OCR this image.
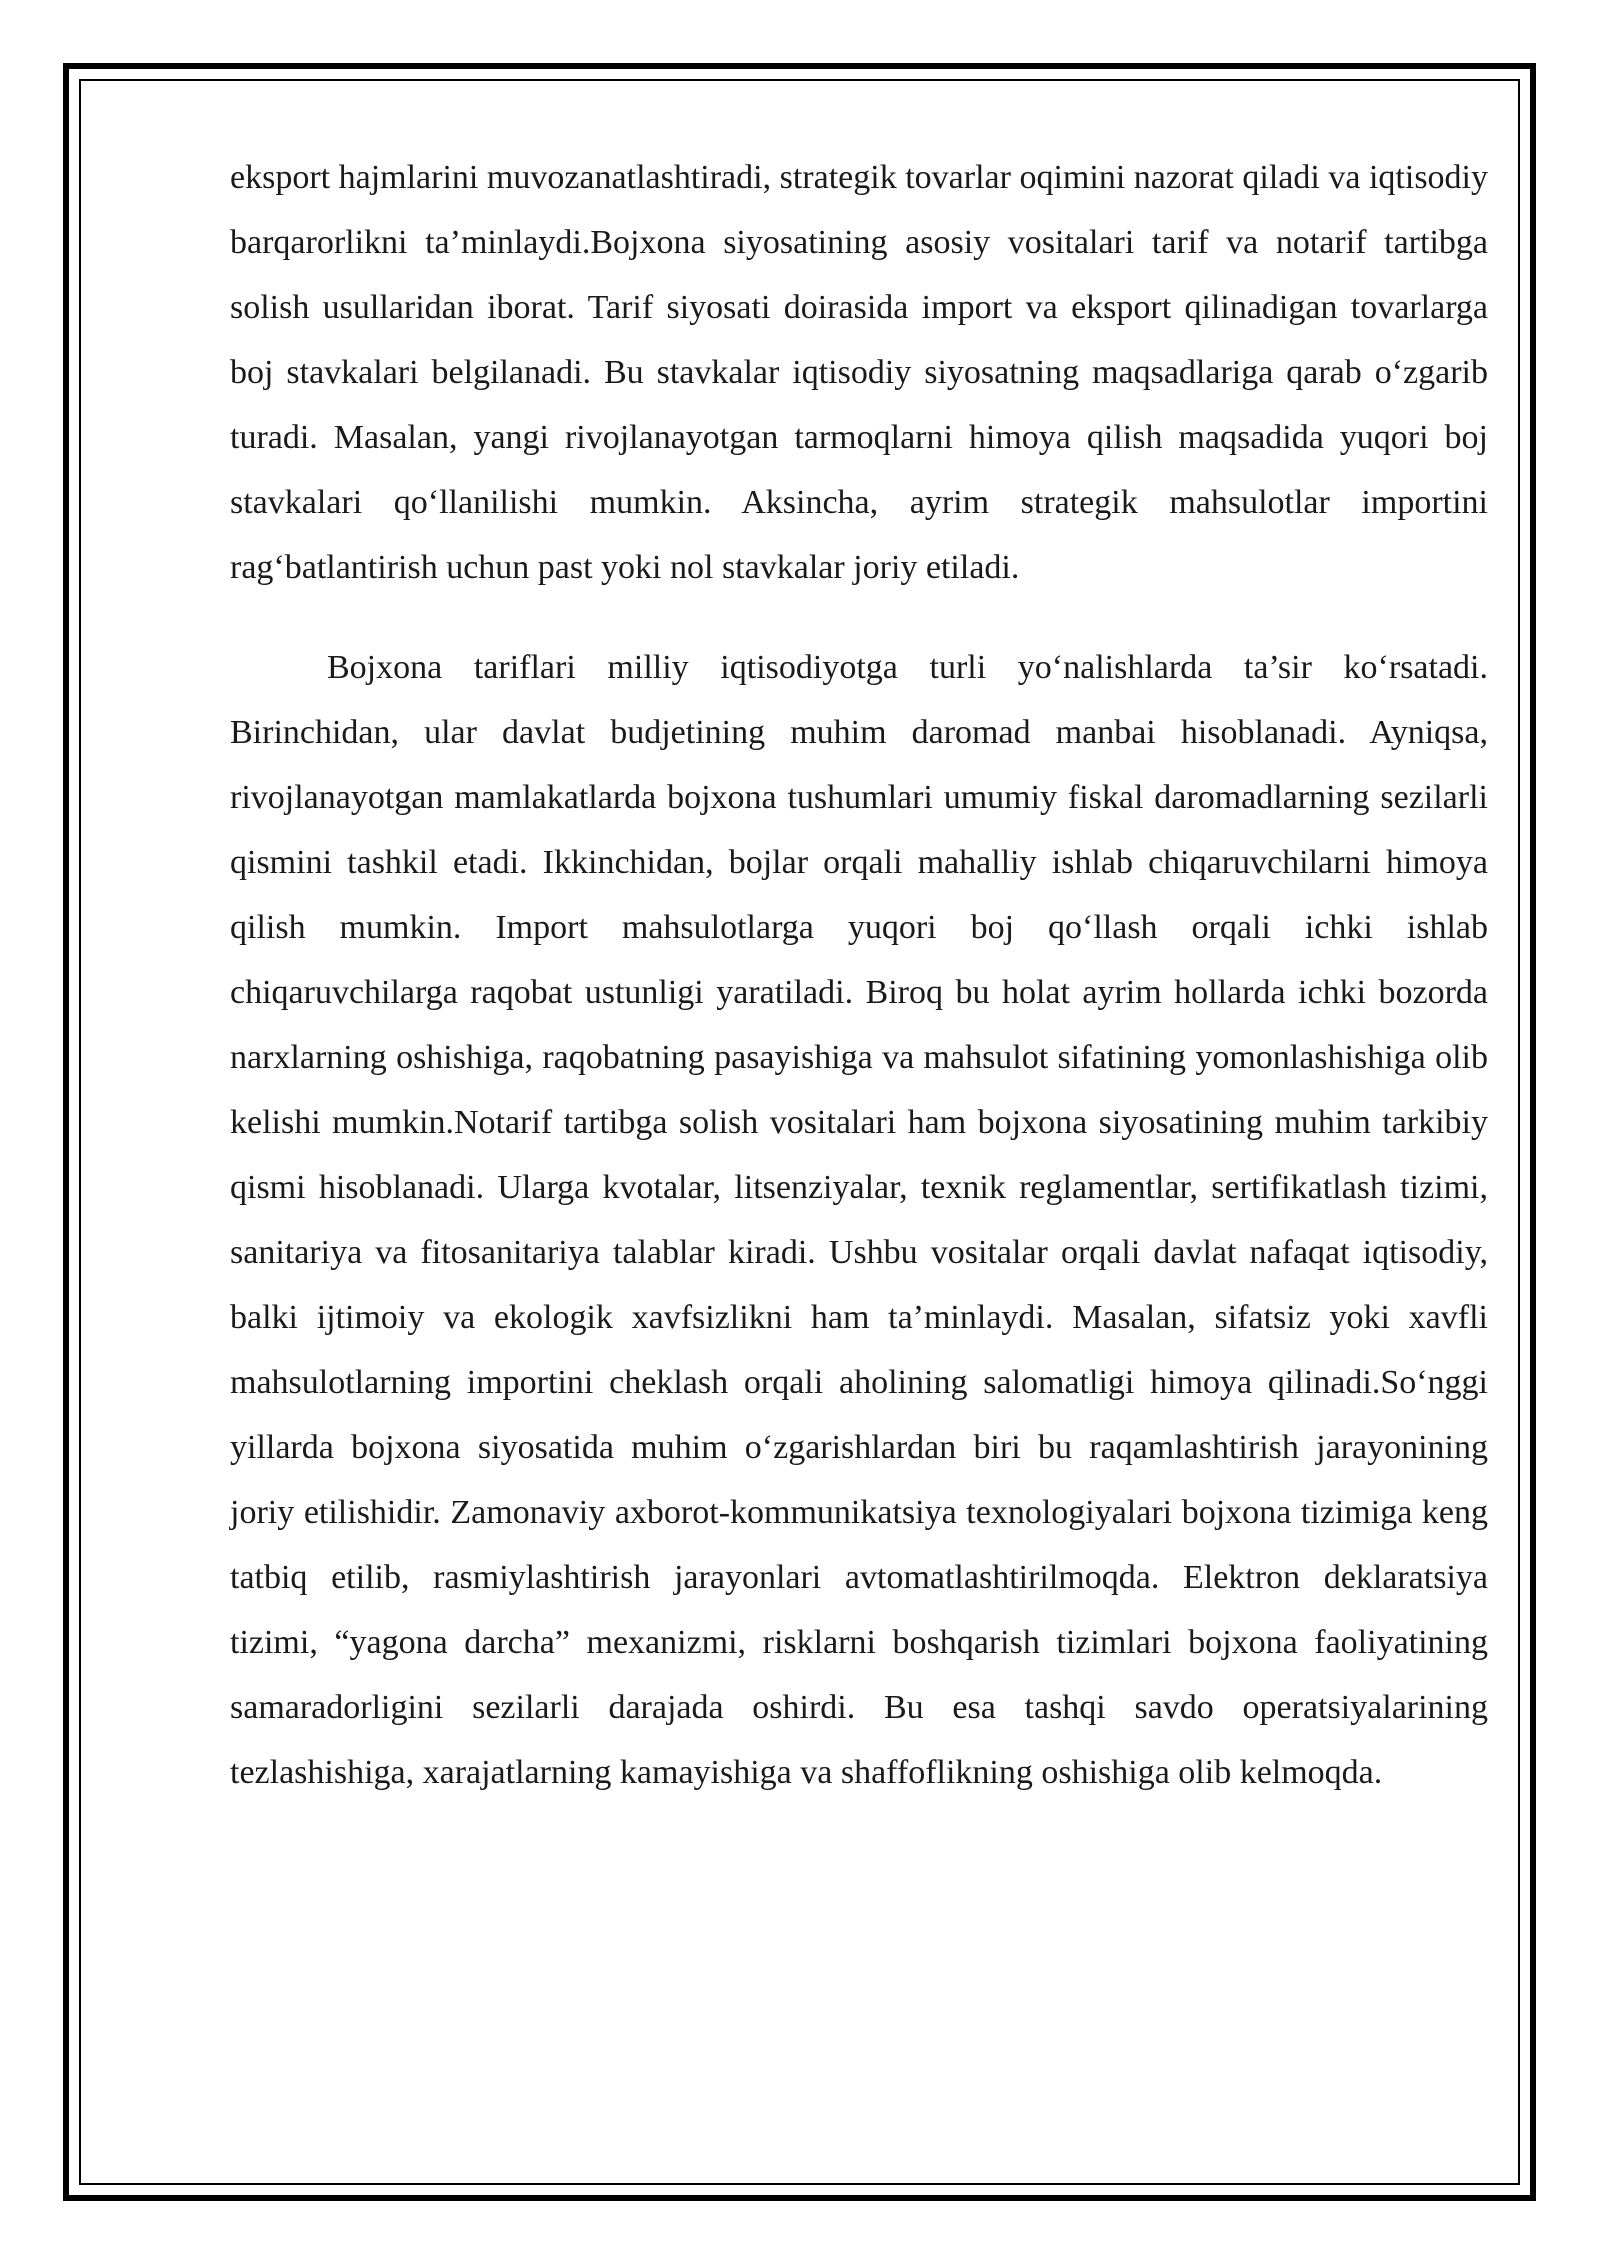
eksport hajmlarini muvozanatlashtiradi, strategik tovarlar oqimini nazorat qiladi va iqtisodiy barqarorlikni ta’minlaydi.Bojxona siyosatining asosiy vositalari tarif va notarif tartibga solish usullaridan iborat. Tarif siyosati doirasida import va eksport qilinadigan tovarlarga boj stavkalari belgilanadi. Bu stavkalar iqtisodiy siyosatning maqsadlariga qarab o‘zgarib turadi. Masalan, yangi rivojlanayotgan tarmoqlarni himoya qilish maqsadida yuqori boj stavkalari qo‘llanilishi mumkin. Aksincha, ayrim strategik mahsulotlar importini rag‘batlantirish uchun past yoki nol stavkalar joriy etiladi.

Bojxona tariflari milliy iqtisodiyotga turli yo‘nalishlarda ta’sir ko‘rsatadi. Birinchidan, ular davlat budjetining muhim daromad manbai hisoblanadi. Ayniqsa, rivojlanayotgan mamlakatlarda bojxona tushumlari umumiy fiskal daromadlarning sezilarli qismini tashkil etadi. Ikkinchidan, bojlar orqali mahalliy ishlab chiqaruvchilarni himoya qilish mumkin. Import mahsulotlarga yuqori boj qo‘llash orqali ichki ishlab chiqaruvchilarga raqobat ustunligi yaratiladi. Biroq bu holat ayrim hollarda ichki bozorda narxlarning oshishiga, raqobatning pasayishiga va mahsulot sifatining yomonlashishiga olib kelishi mumkin.Notarif tartibga solish vositalari ham bojxona siyosatining muhim tarkibiy qismi hisoblanadi. Ularga kvotalar, litsenziyalar, texnik reglamentlar, sertifikatlash tizimi, sanitariya va fitosanitariya talablar kiradi. Ushbu vositalar orqali davlat nafaqat iqtisodiy, balki ijtimoiy va ekologik xavfsizlikni ham ta’minlaydi. Masalan, sifatsiz yoki xavfli mahsulotlarning importini cheklash orqali aholining salomatligi himoya qilinadi.So‘nggi yillarda bojxona siyosatida muhim o‘zgarishlardan biri bu raqamlashtirish jarayonining joriy etilishidir. Zamonaviy axborot-kommunikatsiya texnologiyalari bojxona tizimiga keng tatbiq etilib, rasmiylashtirish jarayonlari avtomatlashtirilmoqda. Elektron deklaratsiya tizimi, “yagona darcha” mexanizmi, risklarni boshqarish tizimlari bojxona faoliyatining samaradorligini sezilarli darajada oshirdi. Bu esa tashqi savdo operatsiyalarining tezlashishiga, xarajatlarning kamayishiga va shaffoflikning oshishiga olib kelmoqda.
